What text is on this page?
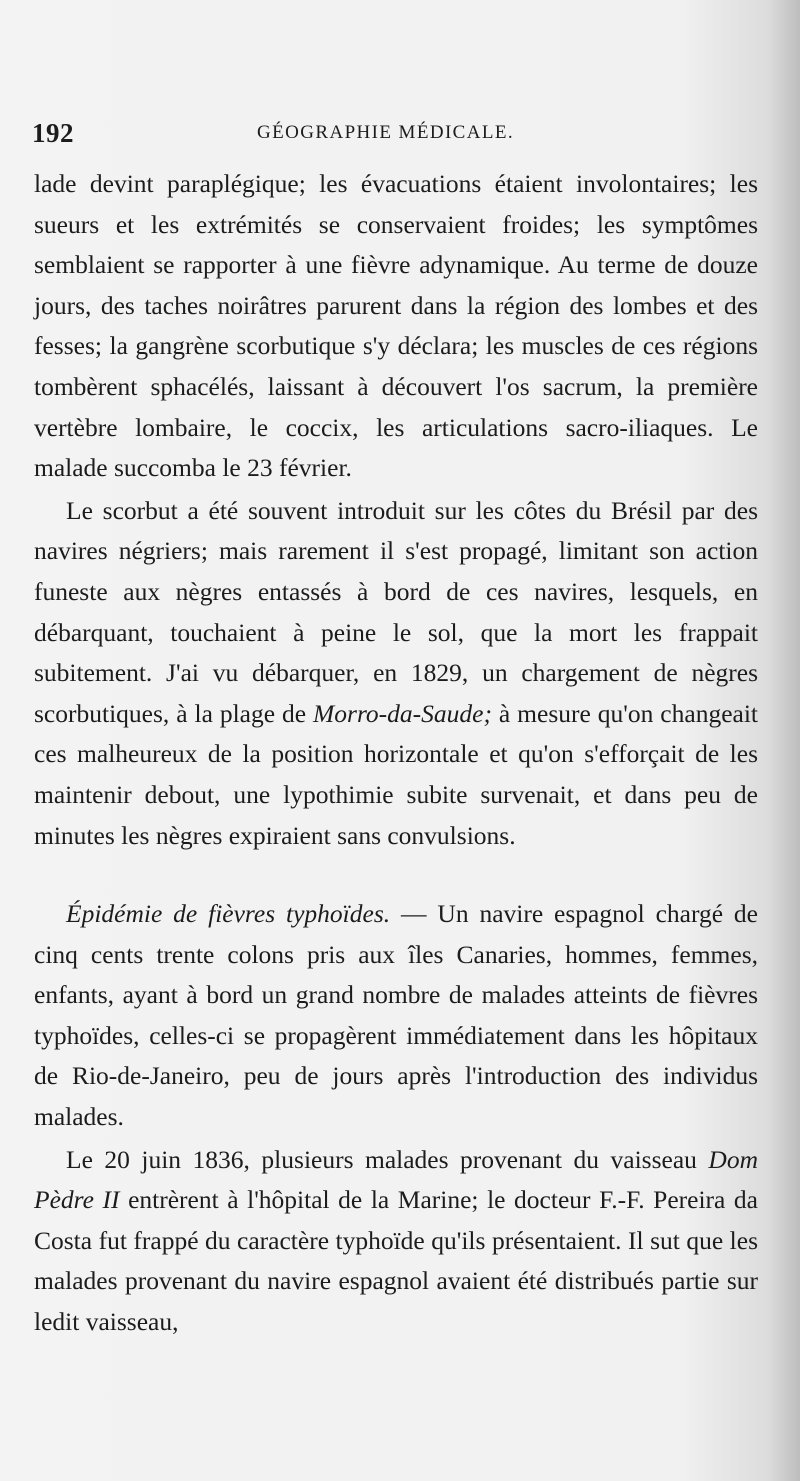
192	GÉOGRAPHIE MÉDICALE.

lade devint paraplégique; les évacuations étaient involontaires; les sueurs et les extrémités se conservaient froides; les symptômes semblaient se rapporter à une fièvre adynamique. Au terme de douze jours, des taches noirâtres parurent dans la région des lombes et des fesses; la gangrène scorbutique s'y déclara; les muscles de ces régions tombèrent sphacélés, laissant à découvert l'os sacrum, la première vertèbre lombaire, le coccix, les articulations sacro-iliaques. Le malade succomba le 23 février.

Le scorbut a été souvent introduit sur les côtes du Brésil par des navires négriers; mais rarement il s'est propagé, limitant son action funeste aux nègres entassés à bord de ces navires, lesquels, en débarquant, touchaient à peine le sol, que la mort les frappait subitement. J'ai vu débarquer, en 1829, un chargement de nègres scorbutiques, à la plage de Morro-da-Saude; à mesure qu'on changeait ces malheureux de la position horizontale et qu'on s'efforçait de les maintenir debout, une lypothimie subite survenait, et dans peu de minutes les nègres expiraient sans convulsions.

Épidémie de fièvres typhoïdes. — Un navire espagnol chargé de cinq cents trente colons pris aux îles Canaries, hommes, femmes, enfants, ayant à bord un grand nombre de malades atteints de fièvres typhoïdes, celles-ci se propagèrent immédiatement dans les hôpitaux de Rio-de-Janeiro, peu de jours après l'introduction des individus malades.

Le 20 juin 1836, plusieurs malades provenant du vaisseau Dom Pèdre II entrèrent à l'hôpital de la Marine; le docteur F.-F. Pereira da Costa fut frappé du caractère typhoïde qu'ils présentaient. Il sut que les malades provenant du navire espagnol avaient été distribués partie sur ledit vaisseau,
